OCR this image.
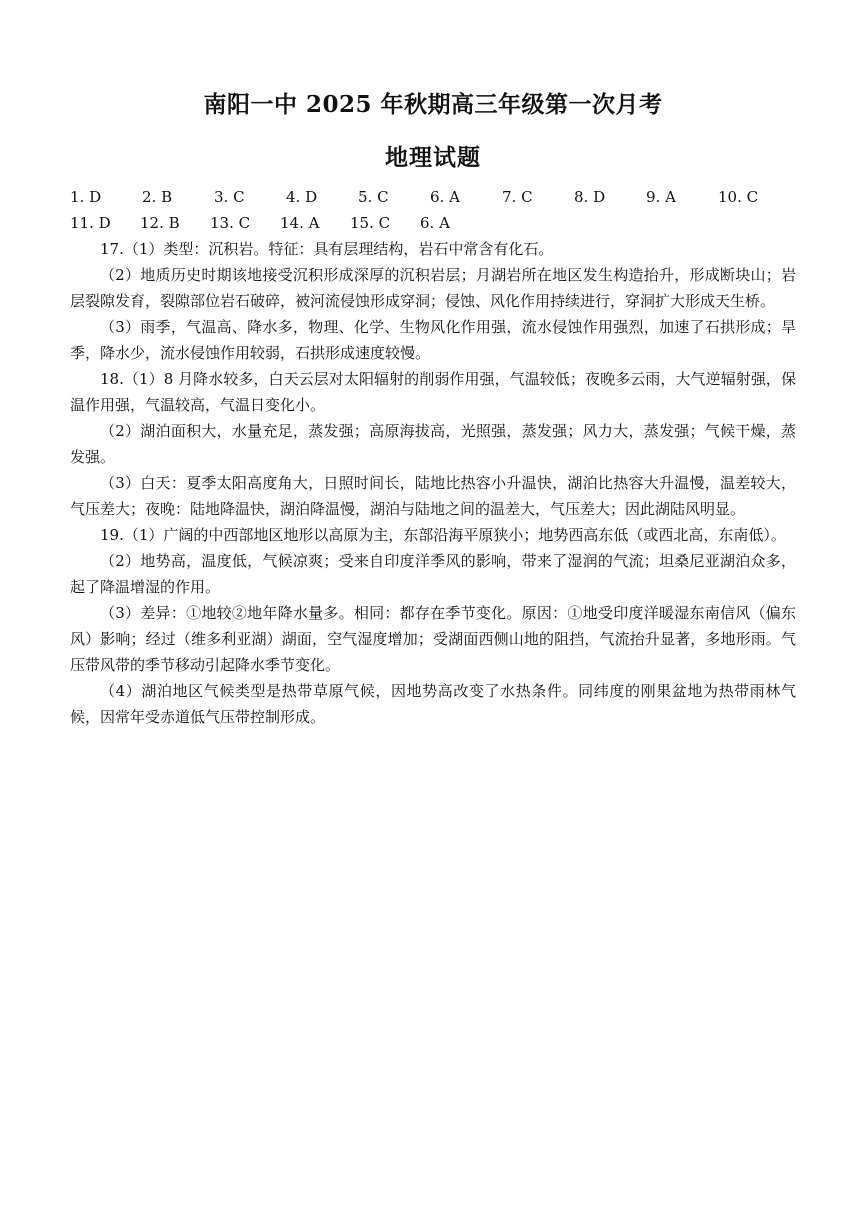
南阳一中 2025 年秋期高三年级第一次月考
地理试题
1. D	2. B	3. C	4. D	5. C	6. A	7. C	8. D	9. A	10. C
11. D	12. B	13. C	14. A	15. C	6. A

17.（1）类型：沉积岩。特征：具有层理结构，岩石中常含有化石。

（2）地质历史时期该地接受沉积形成深厚的沉积岩层；月湖岩所在地区发生构造抬升，形成断块山；岩层裂隙发育，裂隙部位岩石破碎，被河流侵蚀形成穿洞；侵蚀、风化作用持续进行，穿洞扩大形成天生桥。

（3）雨季，气温高、降水多，物理、化学、生物风化作用强，流水侵蚀作用强烈，加速了石拱形成；旱季，降水少，流水侵蚀作用较弱，石拱形成速度较慢。

18.（1）8 月降水较多，白天云层对太阳辐射的削弱作用强，气温较低；夜晚多云雨，大气逆辐射强，保温作用强，气温较高，气温日变化小。

（2）湖泊面积大，水量充足，蒸发强；高原海拔高，光照强，蒸发强；风力大，蒸发强；气候干燥，蒸发强。

（3）白天：夏季太阳高度角大，日照时间长，陆地比热容小升温快，湖泊比热容大升温慢，温差较大，气压差大；夜晚：陆地降温快，湖泊降温慢，湖泊与陆地之间的温差大，气压差大；因此湖陆风明显。

19.（1）广阔的中西部地区地形以高原为主，东部沿海平原狭小；地势西高东低（或西北高，东南低）。

（2）地势高，温度低，气候凉爽；受来自印度洋季风的影响，带来了湿润的气流；坦桑尼亚湖泊众多，起了降温增湿的作用。

（3）差异：①地较②地年降水量多。相同：都存在季节变化。原因：①地受印度洋暖湿东南信风（偏东风）影响；经过（维多利亚湖）湖面，空气湿度增加；受湖面西侧山地的阻挡，气流抬升显著，多地形雨。气压带风带的季节移动引起降水季节变化。

（4）湖泊地区气候类型是热带草原气候，因地势高改变了水热条件。同纬度的刚果盆地为热带雨林气候，因常年受赤道低气压带控制形成。
